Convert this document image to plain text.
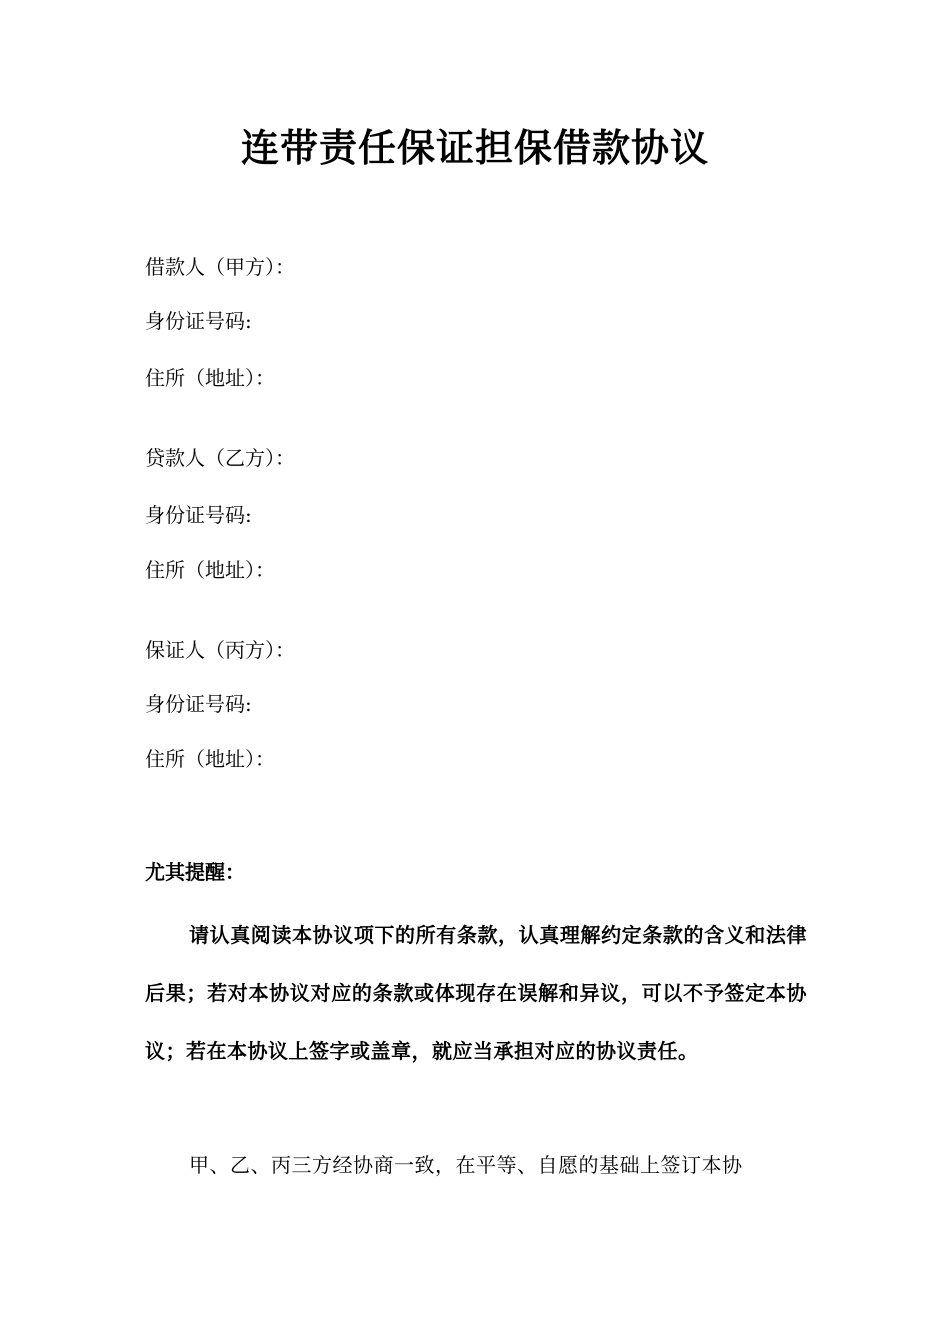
连带责任保证担保借款协议

借款人（甲方）：

身份证号码:

住所（地址）：

贷款人（乙方）：

身份证号码:

住所（地址）：

保证人（丙方）：

身份证号码:

住所（地址）：

尤其提醒：

请认真阅读本协议项下的所有条款，认真理解约定条款的含义和法律后果；若对本协议对应的条款或体现存在误解和异议，可以不予签定本协议；若在本协议上签字或盖章，就应当承担对应的协议责任。

甲、乙、丙三方经协商一致，在平等、自愿的基础上签订本协
